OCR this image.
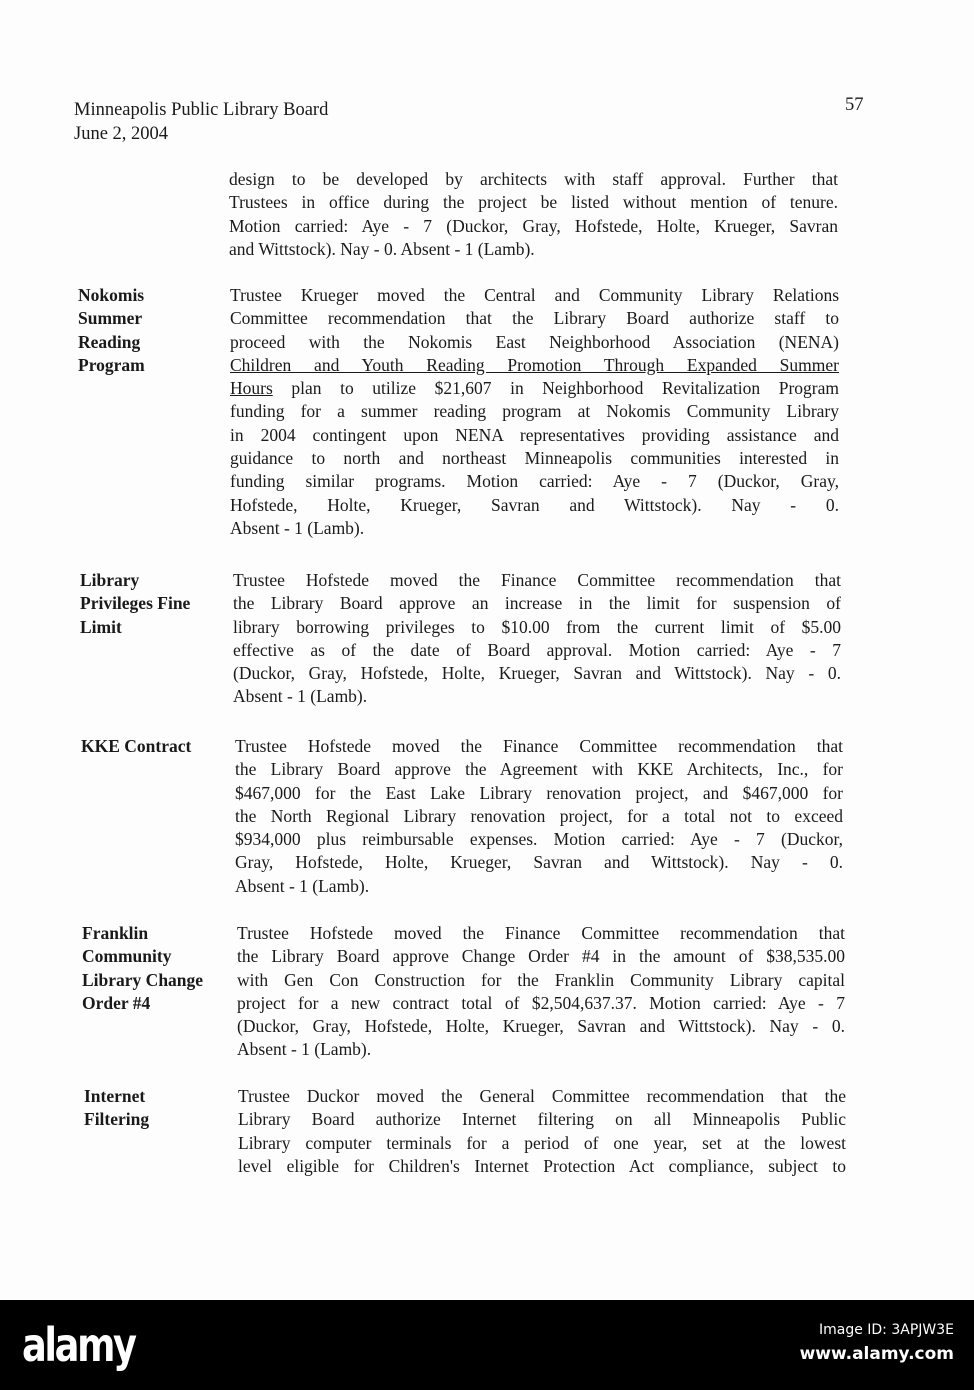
Minneapolis Public Library Board
June 2, 2004
57
design to be developed by architects with staff approval. Further that
Trustees in office during the project be listed without mention of tenure.
Motion carried: Aye - 7 (Duckor, Gray, Hofstede, Holte, Krueger, Savran
and Wittstock). Nay - 0. Absent - 1 (Lamb).
Nokomis
Summer
Reading
Program
Trustee Krueger moved the Central and Community Library Relations
Committee recommendation that the Library Board authorize staff to
proceed with the Nokomis East Neighborhood Association (NENA)
Children and Youth Reading Promotion Through Expanded Summer
Hours plan to utilize $21,607 in Neighborhood Revitalization Program
funding for a summer reading program at Nokomis Community Library
in 2004 contingent upon NENA representatives providing assistance and
guidance to north and northeast Minneapolis communities interested in
funding similar programs. Motion carried: Aye - 7 (Duckor, Gray,
Hofstede, Holte, Krueger, Savran and Wittstock). Nay - 0.
Absent - 1 (Lamb).
Library
Privileges Fine
Limit
Trustee Hofstede moved the Finance Committee recommendation that
the Library Board approve an increase in the limit for suspension of
library borrowing privileges to $10.00 from the current limit of $5.00
effective as of the date of Board approval. Motion carried: Aye - 7
(Duckor, Gray, Hofstede, Holte, Krueger, Savran and Wittstock). Nay - 0.
Absent - 1 (Lamb).
KKE Contract	Trustee Hofstede moved the Finance Committee recommendation that
the Library Board approve the Agreement with KKE Architects, Inc., for
$467,000 for the East Lake Library renovation project, and $467,000 for
the North Regional Library renovation project, for a total not to exceed
$934,000 plus reimbursable expenses. Motion carried: Aye - 7 (Duckor,
Gray, Hofstede, Holte, Krueger, Savran and Wittstock). Nay - 0.
Absent - 1 (Lamb).
Franklin
Community
Library Change
Order #4
Trustee Hofstede moved the Finance Committee recommendation that
the Library Board approve Change Order #4 in the amount of $38,535.00
with Gen Con Construction for the Franklin Community Library capital
project for a new contract total of $2,504,637.37. Motion carried: Aye - 7
(Duckor, Gray, Hofstede, Holte, Krueger, Savran and Wittstock). Nay - 0.
Absent - 1 (Lamb).
Internet
Filtering
Trustee Duckor moved the General Committee recommendation that the
Library Board authorize Internet filtering on all Minneapolis Public
Library computer terminals for a period of one year, set at the lowest
level eligible for Children's Internet Protection Act compliance, subject to
alamy	Image ID: 3APJW3E
www.alamy.com
